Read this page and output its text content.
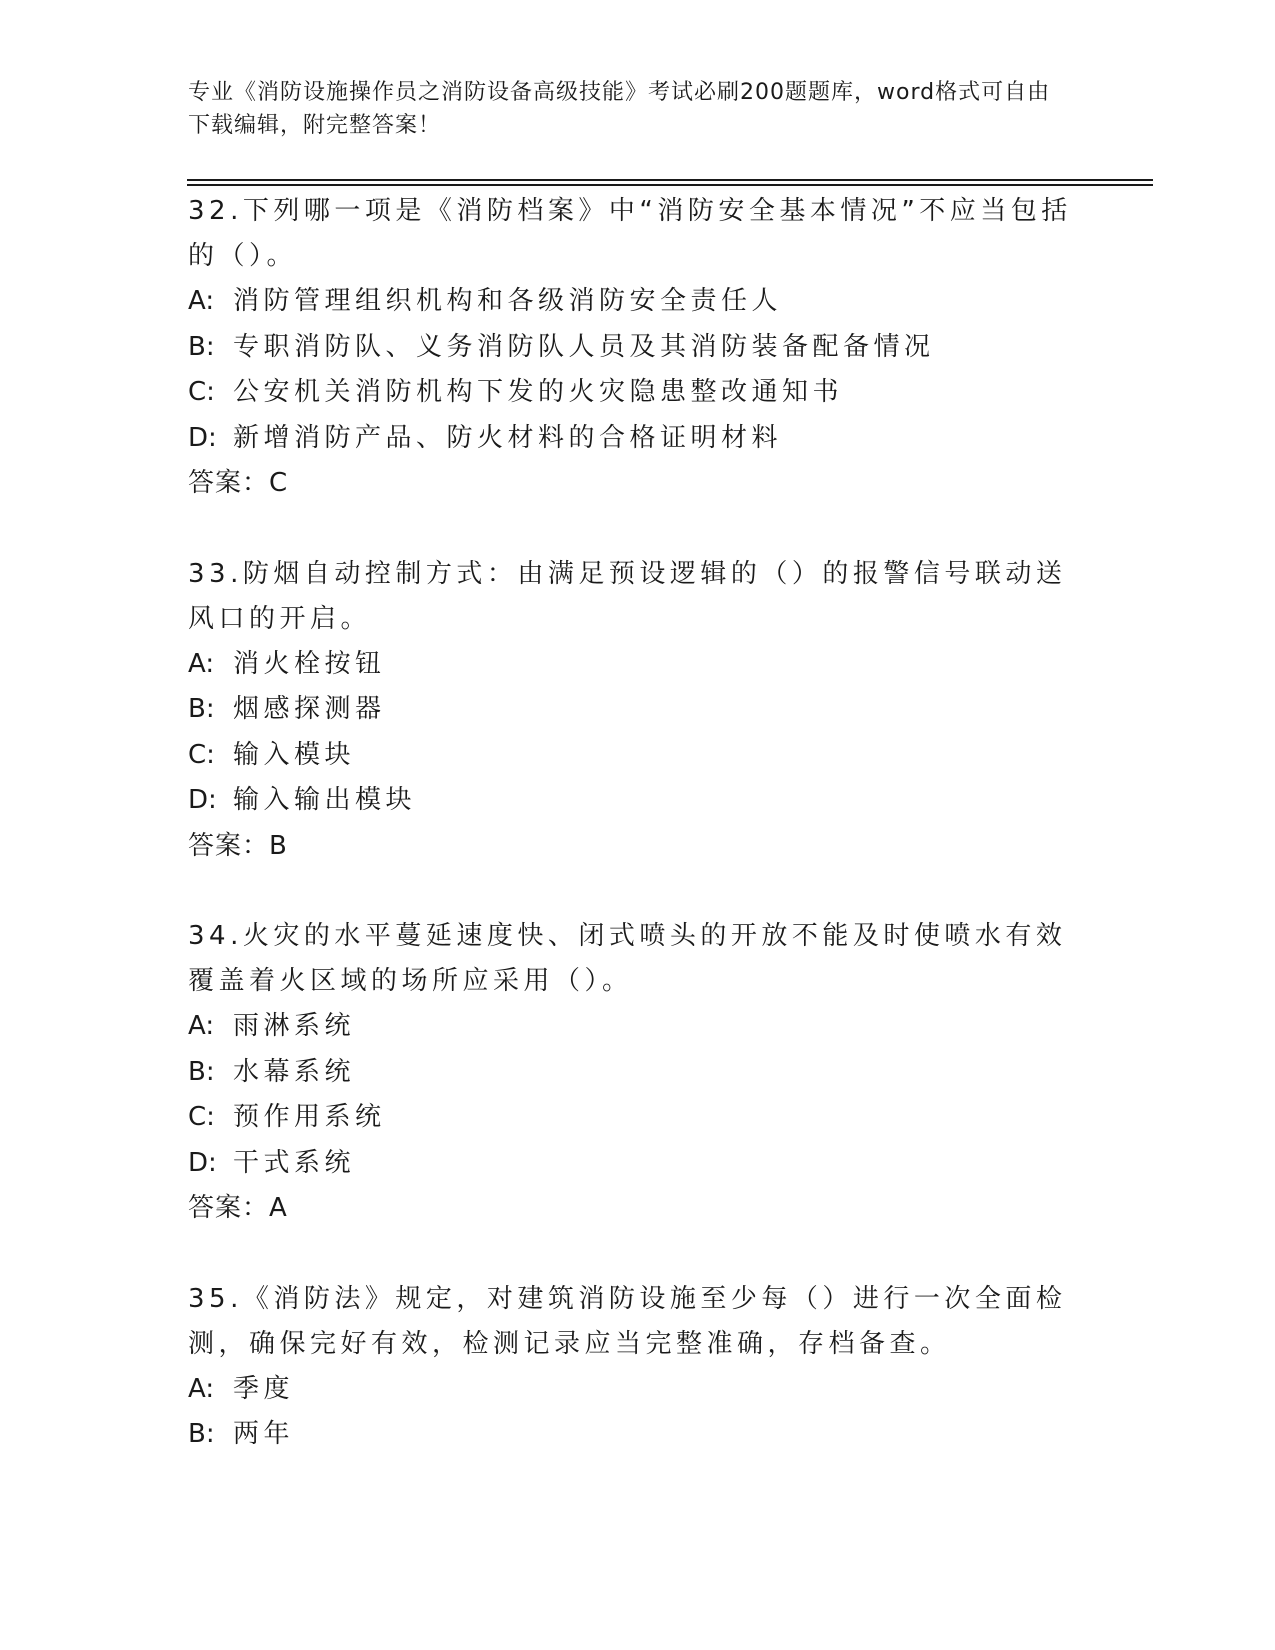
专业《消防设施操作员之消防设备高级技能》考试必刷200题题库，word格式可自由下载编辑，附完整答案！
32.下列哪一项是《消防档案》中“消防安全基本情况”不应当包括的（）。
A: 消防管理组织机构和各级消防安全责任人
B: 专职消防队、义务消防队人员及其消防装备配备情况
C: 公安机关消防机构下发的火灾隐患整改通知书
D: 新增消防产品、防火材料的合格证明材料
答案：C
33.防烟自动控制方式：由满足预设逻辑的（）的报警信号联动送风口的开启。
A: 消火栓按钮
B: 烟感探测器
C: 输入模块
D: 输入输出模块
答案：B
34.火灾的水平蔓延速度快、闭式喷头的开放不能及时使喷水有效覆盖着火区域的场所应采用（）。
A: 雨淋系统
B: 水幕系统
C: 预作用系统
D: 干式系统
答案：A
35.《消防法》规定，对建筑消防设施至少每（）进行一次全面检测，确保完好有效，检测记录应当完整准确，存档备查。
A: 季度
B: 两年
